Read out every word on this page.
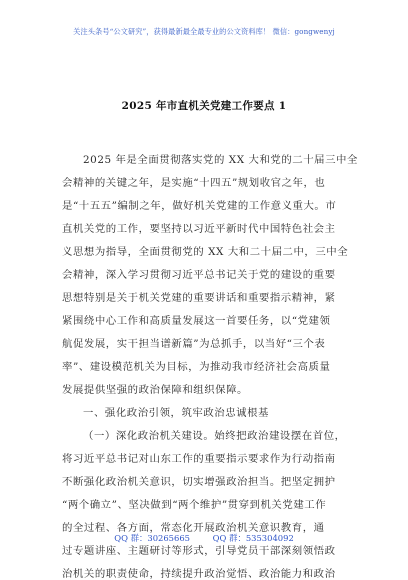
关注头条号“公文研究”，获得最新最全最专业的公文资料库！ 微信：gongwenyj
2025 年市直机关党建工作要点 1
2025 年是全面贯彻落实党的 XX 大和党的二十届三中全
会精神的关键之年，是实施“十四五”规划收官之年，也
是“十五五”编制之年，做好机关党建的工作意义重大。市
直机关党的工作，要坚持以习近平新时代中国特色社会主
义思想为指导，全面贯彻党的 XX 大和二十届二中，三中全
会精神，深入学习贯彻习近平总书记关于党的建设的重要
思想特别是关于机关党建的重要讲话和重要指示精神，紧
紧围绕中心工作和高质量发展这一首要任务，以“党建领
航促发展，实干担当谱新篇”为总抓手，以当好“三个表
率”、建设模范机关为目标，为推动我市经济社会高质量
发展提供坚强的政治保障和组织保障。
一、强化政治引领，筑牢政治忠诚根基
（一）深化政治机关建设。始终把政治建设摆在首位，
将习近平总书记对山东工作的重要指示要求作为行动指南
不断强化政治机关意识，切实增强政治担当。把坚定拥护
“两个确立”、坚决做到“两个维护”贯穿到机关党建工作
的全过程、各方面，常态化开展政治机关意识教育，通
过专题讲座、主题研讨等形式，引导党员干部深刻领悟政
治机关的职责使命，持续提升政治觉悟、政治能力和政治
QQ 群：30265665	QQ 群：535304092
